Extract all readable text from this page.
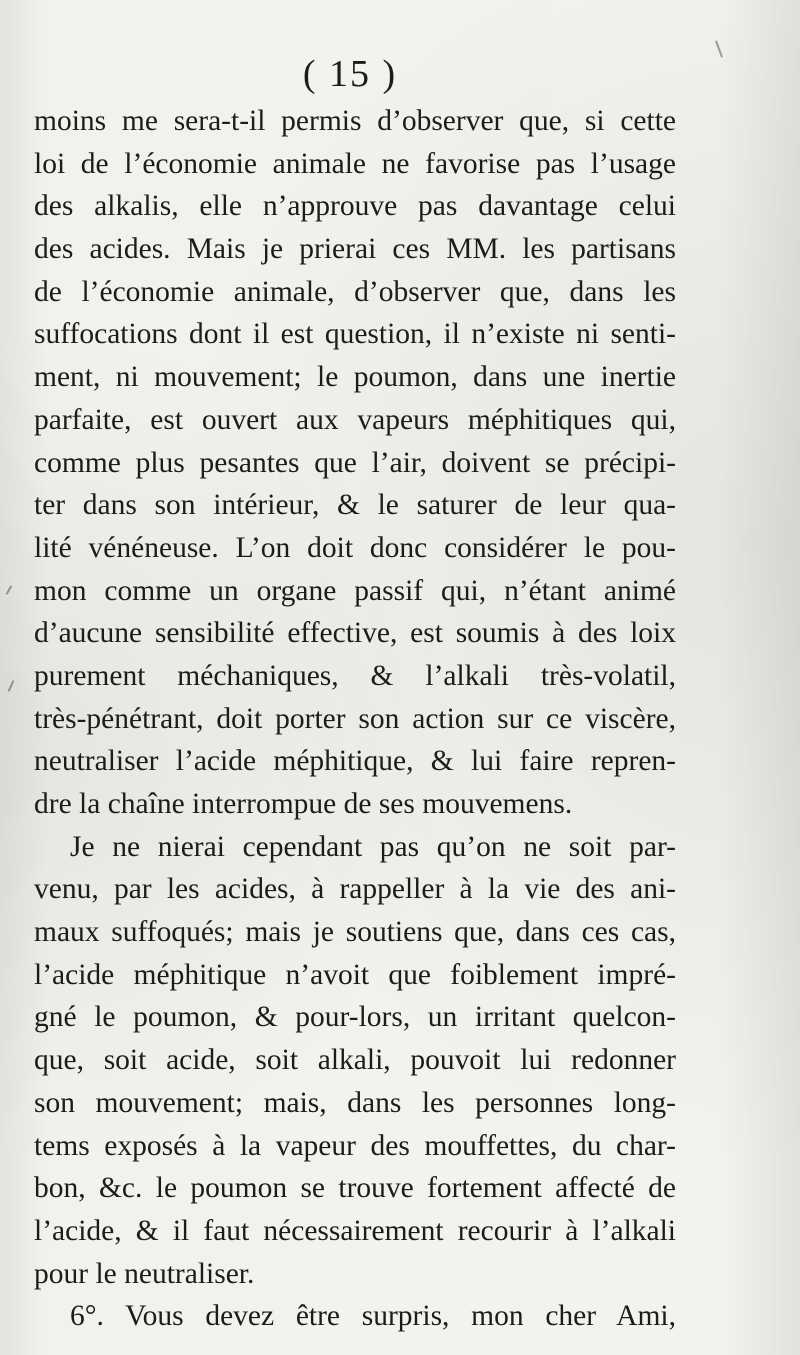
( 15 )
moins me sera-t-il permis d’observer que, si cette
loi de l’économie animale ne favorise pas l’usage
des alkalis, elle n’approuve pas davantage celui
des acides. Mais je prierai ces MM. les partisans
de l’économie animale, d’observer que, dans les
suffocations dont il est question, il n’existe ni senti-
ment, ni mouvement; le poumon, dans une inertie
parfaite, est ouvert aux vapeurs méphitiques qui,
comme plus pesantes que l’air, doivent se précipi-
ter dans son intérieur, & le saturer de leur qua-
lité vénéneuse. L’on doit donc considérer le pou-
mon comme un organe passif qui, n’étant animé
d’aucune sensibilité effective, est soumis à des loix
purement méchaniques, & l’alkali très-volatil,
très-pénétrant, doit porter son action sur ce viscère,
neutraliser l’acide méphitique, & lui faire repren-
dre la chaîne interrompue de ses mouvemens.
Je ne nierai cependant pas qu’on ne soit par-
venu, par les acides, à rappeller à la vie des ani-
maux suffoqués; mais je soutiens que, dans ces cas,
l’acide méphitique n’avoit que foiblement impré-
gné le poumon, & pour-lors, un irritant quelcon-
que, soit acide, soit alkali, pouvoit lui redonner
son mouvement; mais, dans les personnes long-
tems exposés à la vapeur des mouffettes, du char-
bon, &c. le poumon se trouve fortement affecté de
l’acide, & il faut nécessairement recourir à l’alkali
pour le neutraliser.
6°. Vous devez être surpris, mon cher Ami,
